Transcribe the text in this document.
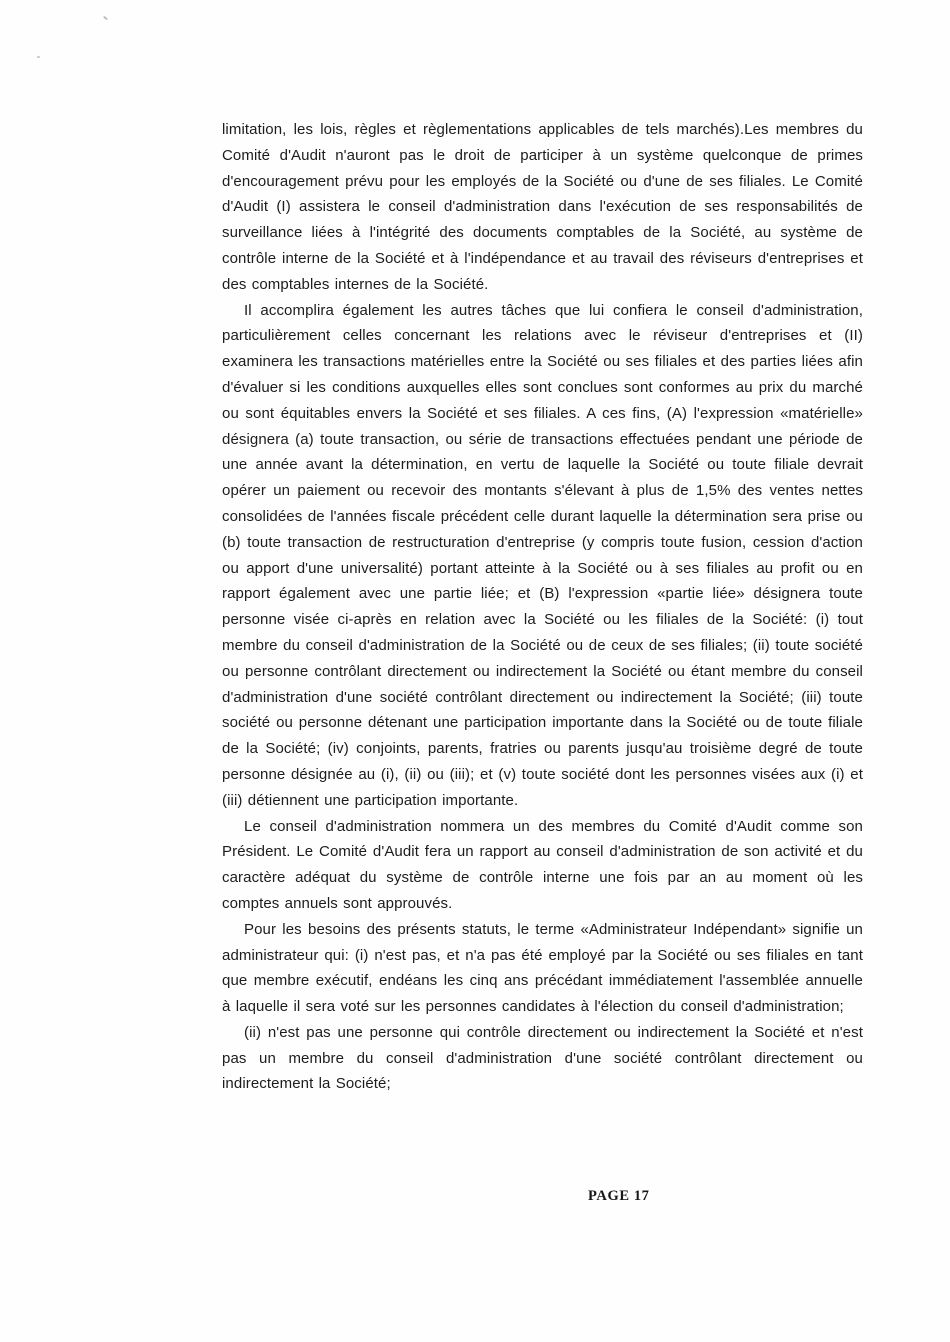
limitation, les lois, règles et règlementations applicables de tels marchés).Les membres du Comité d'Audit n'auront pas le droit de participer à un système quelconque de primes d'encouragement prévu pour les employés de la Société ou d'une de ses filiales. Le Comité d'Audit (I) assistera le conseil d'administration dans l'exécution de ses responsabilités de surveillance liées à l'intégrité des documents comptables de la Société, au système de contrôle interne de la Société et à l'indépendance et au travail des réviseurs d'entreprises et des comptables internes de la Société.

Il accomplira également les autres tâches que lui confiera le conseil d'administration, particulièrement celles concernant les relations avec le réviseur d'entreprises et (II) examinera les transactions matérielles entre la Société ou ses filiales et des parties liées afin d'évaluer si les conditions auxquelles elles sont conclues sont conformes au prix du marché ou sont équitables envers la Société et ses filiales. A ces fins, (A) l'expression «matérielle» désignera (a) toute transaction, ou série de transactions effectuées pendant une période de une année avant la détermination, en vertu de laquelle la Société ou toute filiale devrait opérer un paiement ou recevoir des montants s'élevant à plus de 1,5% des ventes nettes consolidées de l'années fiscale précédent celle durant laquelle la détermination sera prise ou (b) toute transaction de restructuration d'entreprise (y compris toute fusion, cession d'action ou apport d'une universalité) portant atteinte à la Société ou à ses filiales au profit ou en rapport également avec une partie liée; et (B) l'expression «partie liée» désignera toute personne visée ci-après en relation avec la Société ou les filiales de la Société: (i) tout membre du conseil d'administration de la Société ou de ceux de ses filiales; (ii) toute société ou personne contrôlant directement ou indirectement la Société ou étant membre du conseil d'administration d'une société contrôlant directement ou indirectement la Société; (iii) toute société ou personne détenant une participation importante dans la Société ou de toute filiale de la Société; (iv) conjoints, parents, fratries ou parents jusqu'au troisième degré de toute personne désignée au (i), (ii) ou (iii); et (v) toute société dont les personnes visées aux (i) et (iii) détiennent une participation importante.

Le conseil d'administration nommera un des membres du Comité d'Audit comme son Président. Le Comité d'Audit fera un rapport au conseil d'administration de son activité et du caractère adéquat du système de contrôle interne une fois par an au moment où les comptes annuels sont approuvés.

Pour les besoins des présents statuts, le terme «Administrateur Indépendant» signifie un administrateur qui: (i) n'est pas, et n'a pas été employé par la Société ou ses filiales en tant que membre exécutif, endéans les cinq ans précédant immédiatement l'assemblée annuelle à laquelle il sera voté sur les personnes candidates à l'élection du conseil d'administration;

(ii) n'est pas une personne qui contrôle directement ou indirectement la Société et n'est pas un membre du conseil d'administration d'une société contrôlant directement ou indirectement la Société;

PAGE 17
